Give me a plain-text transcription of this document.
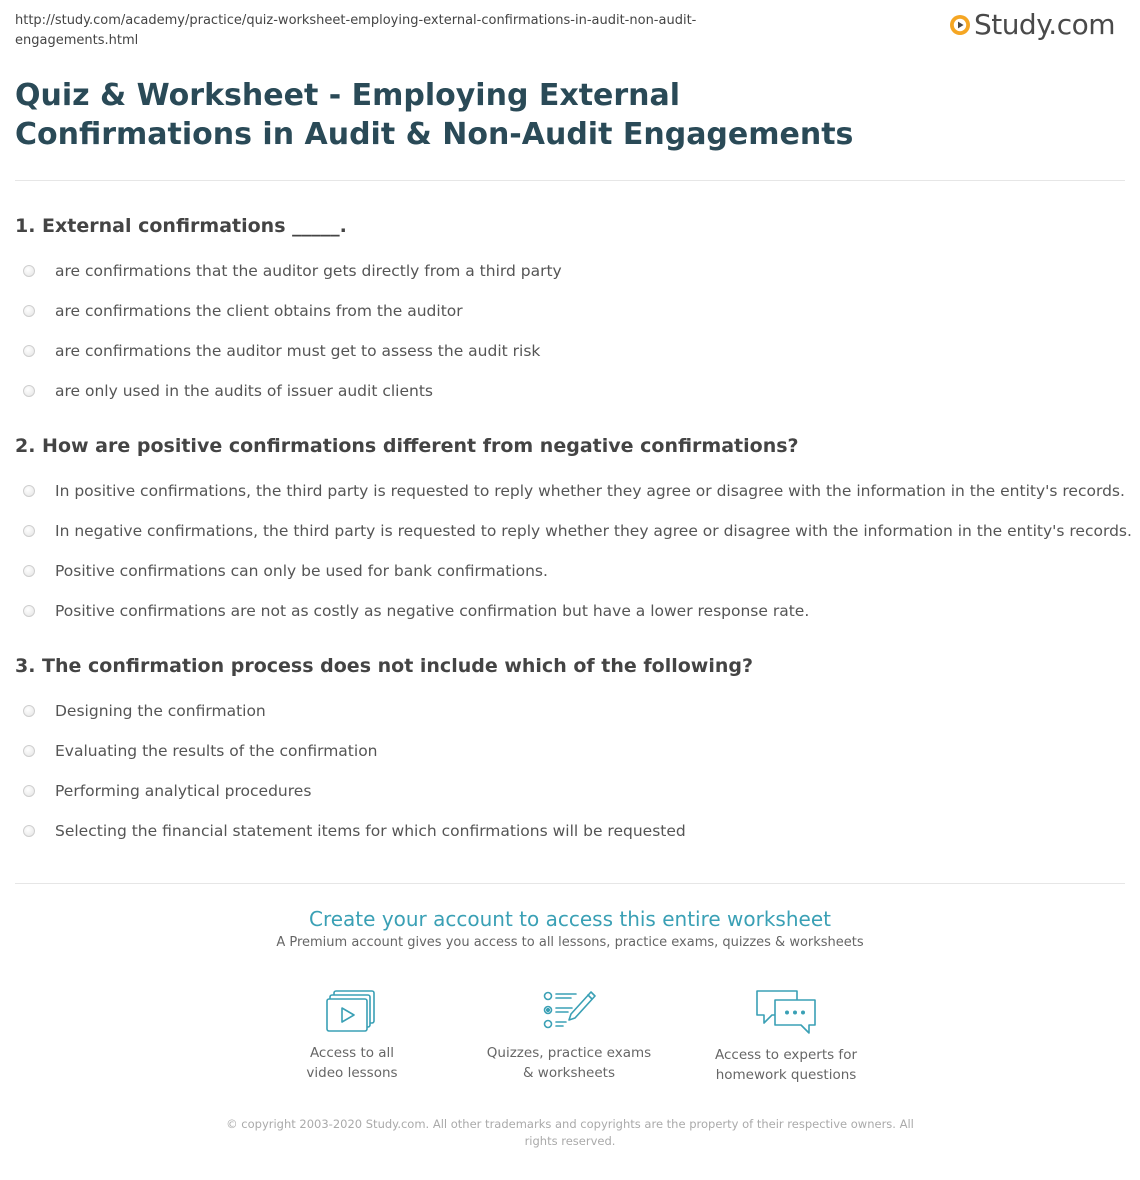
http://study.com/academy/practice/quiz-worksheet-employing-external-confirmations-in-audit-non-audit-engagements.html	Study.com
Quiz & Worksheet - Employing External Confirmations in Audit & Non-Audit Engagements
1. External confirmations _____.
are confirmations that the auditor gets directly from a third party
are confirmations the client obtains from the auditor
are confirmations the auditor must get to assess the audit risk
are only used in the audits of issuer audit clients
2. How are positive confirmations different from negative confirmations?
In positive confirmations, the third party is requested to reply whether they agree or disagree with the information in the entity's records.
In negative confirmations, the third party is requested to reply whether they agree or disagree with the information in the entity's records.
Positive confirmations can only be used for bank confirmations.
Positive confirmations are not as costly as negative confirmation but have a lower response rate.
3. The confirmation process does not include which of the following?
Designing the confirmation
Evaluating the results of the confirmation
Performing analytical procedures
Selecting the financial statement items for which confirmations will be requested
Create your account to access this entire worksheet
A Premium account gives you access to all lessons, practice exams, quizzes & worksheets
Access to all
video lessons
Quizzes, practice exams
& worksheets
Access to experts for
homework questions
© copyright 2003-2020 Study.com. All other trademarks and copyrights are the property of their respective owners. All rights reserved.
